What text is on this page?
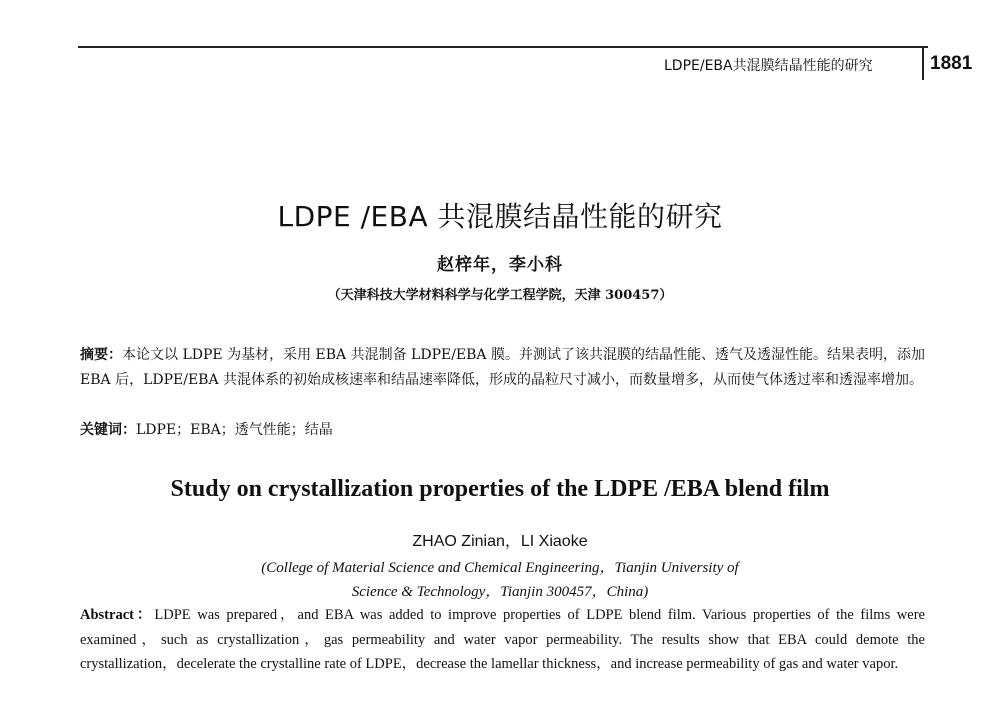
LDPE/EBA共混膜结晶性能的研究	1881
LDPE /EBA 共混膜结晶性能的研究
赵梓年，李小科
（天津科技大学材料科学与化学工程学院，天津 300457）
摘要：本论文以 LDPE 为基材，采用 EBA 共混制备 LDPE/EBA 膜。并测试了该共混膜的结晶性能、透气及透湿性能。结果表明，添加 EBA 后，LDPE/EBA 共混体系的初始成核速率和结晶速率降低，形成的晶粒尺寸减小，而数量增多，从而使气体透过率和透湿率增加。
关键词：LDPE；EBA；透气性能；结晶
Study on crystallization properties of the LDPE /EBA blend film
ZHAO Zinian，LI Xiaoke
(College of Material Science and Chemical Engineering，Tianjin University of
Science & Technology，Tianjin 300457，China)
Abstract：LDPE was prepared，and EBA was added to improve properties of LDPE blend film. Various properties of the films were examined，such as crystallization，gas permeability and water vapor permeability. The results show that EBA could demote the crystallization，decelerate the crystalline rate of LDPE，decrease the lamellar thickness，and increase permeability of gas and water vapor.
